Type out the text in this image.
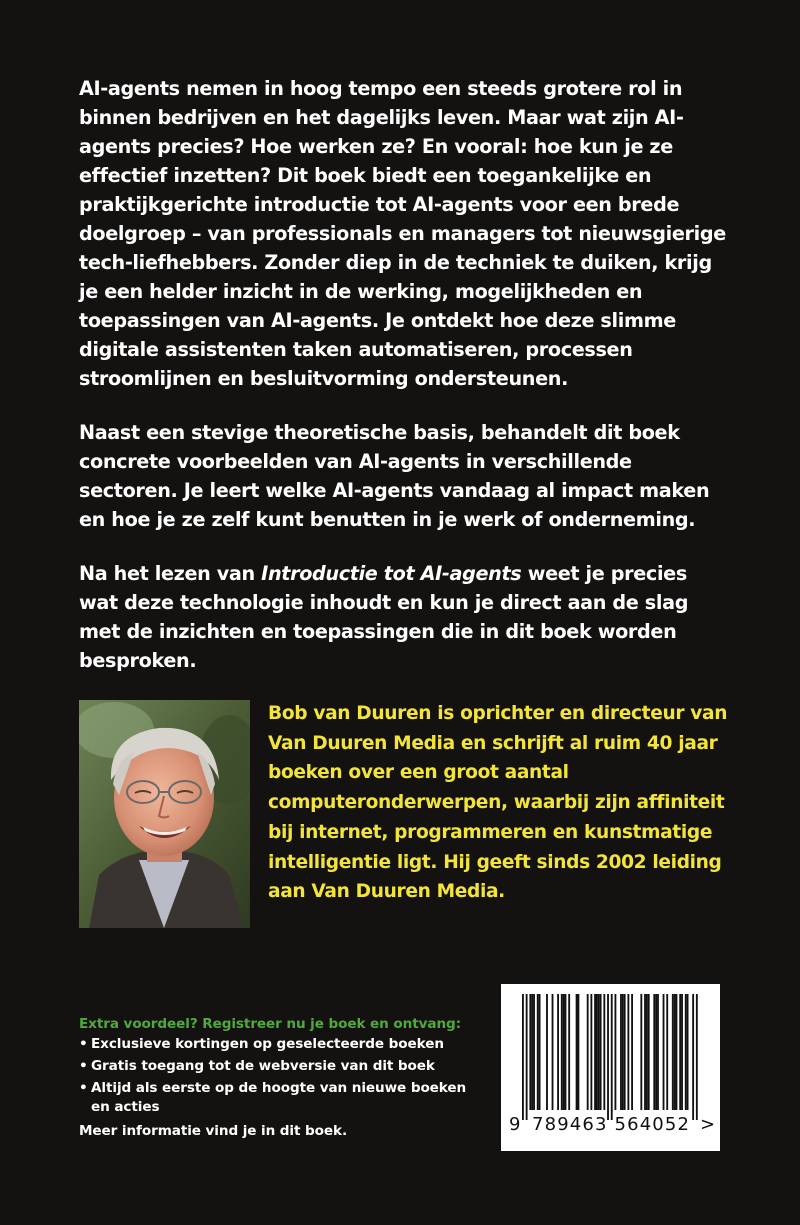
AI-agents nemen in hoog tempo een steeds grotere rol in binnen bedrijven en het dagelijks leven. Maar wat zijn AI-agents precies? Hoe werken ze? En vooral: hoe kun je ze effectief inzetten? Dit boek biedt een toegankelijke en praktijkgerichte introductie tot AI-agents voor een brede doelgroep – van professionals en managers tot nieuwsgierige tech-liefhebbers. Zonder diep in de techniek te duiken, krijg je een helder inzicht in de werking, mogelijkheden en toepassingen van AI-agents. Je ontdekt hoe deze slimme digitale assistenten taken automatiseren, processen stroomlijnen en besluitvorming ondersteunen.

Naast een stevige theoretische basis, behandelt dit boek concrete voorbeelden van AI-agents in verschillende sectoren. Je leert welke AI-agents vandaag al impact maken en hoe je ze zelf kunt benutten in je werk of onderneming.

Na het lezen van Introductie tot AI-agents weet je precies wat deze technologie inhoudt en kun je direct aan de slag met de inzichten en toepassingen die in dit boek worden besproken.

Bob van Duuren is oprichter en directeur van Van Duuren Media en schrijft al ruim 40 jaar boeken over een groot aantal computeronderwerpen, waarbij zijn affiniteit bij internet, programmeren en kunstmatige intelligentie ligt. Hij geeft sinds 2002 leiding aan Van Duuren Media.

Extra voordeel? Registreer nu je boek en ontvang:
• Exclusieve kortingen op geselecteerde boeken
• Gratis toegang tot de webversie van dit boek
• Altijd als eerste op de hoogte van nieuwe boeken en acties
Meer informatie vind je in dit boek.	9 789463 564052 >
